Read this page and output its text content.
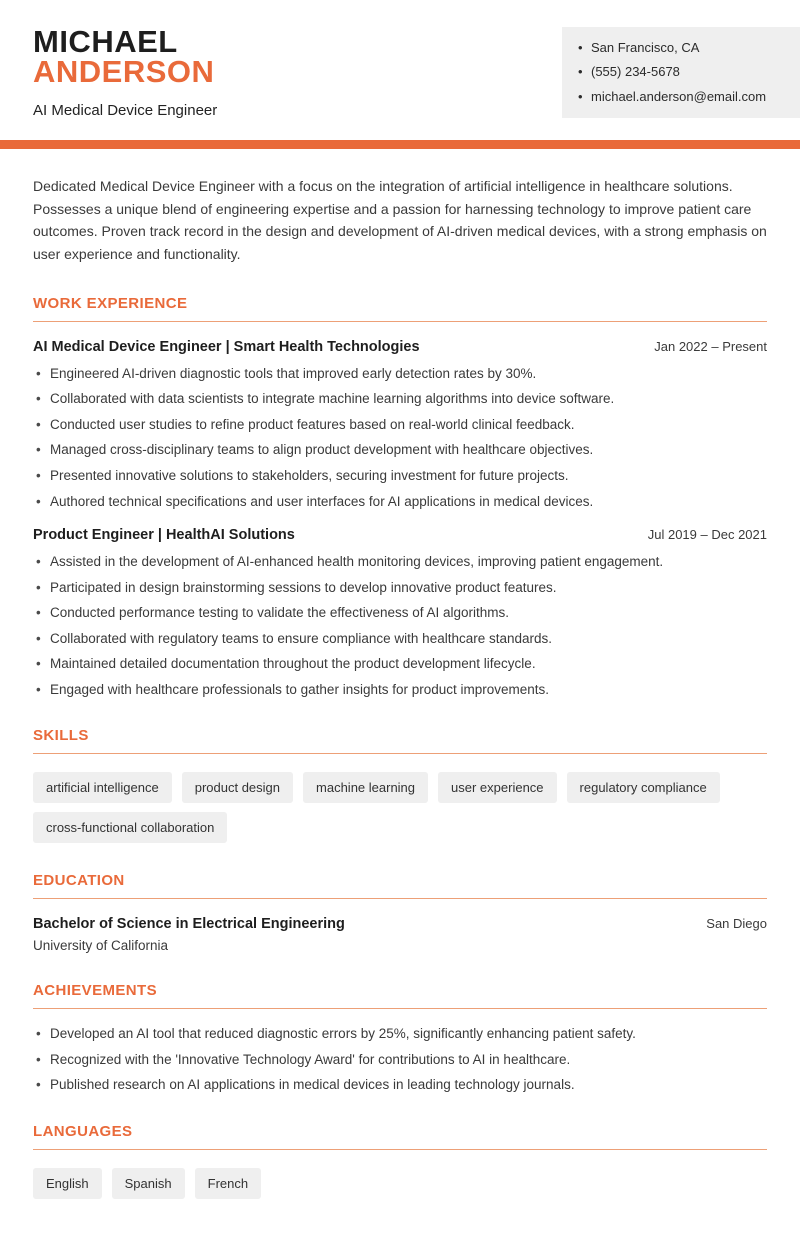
MICHAEL
ANDERSON
AI Medical Device Engineer
• San Francisco, CA
• (555) 234-5678
• michael.anderson@email.com

Dedicated Medical Device Engineer with a focus on the integration of artificial intelligence in healthcare solutions. Possesses a unique blend of engineering expertise and a passion for harnessing technology to improve patient care outcomes. Proven track record in the design and development of AI-driven medical devices, with a strong emphasis on user experience and functionality.

WORK EXPERIENCE
AI Medical Device Engineer | Smart Health Technologies	Jan 2022 – Present
• Engineered AI-driven diagnostic tools that improved early detection rates by 30%.
• Collaborated with data scientists to integrate machine learning algorithms into device software.
• Conducted user studies to refine product features based on real-world clinical feedback.
• Managed cross-disciplinary teams to align product development with healthcare objectives.
• Presented innovative solutions to stakeholders, securing investment for future projects.
• Authored technical specifications and user interfaces for AI applications in medical devices.
Product Engineer | HealthAI Solutions	Jul 2019 – Dec 2021
• Assisted in the development of AI-enhanced health monitoring devices, improving patient engagement.
• Participated in design brainstorming sessions to develop innovative product features.
• Conducted performance testing to validate the effectiveness of AI algorithms.
• Collaborated with regulatory teams to ensure compliance with healthcare standards.
• Maintained detailed documentation throughout the product development lifecycle.
• Engaged with healthcare professionals to gather insights for product improvements.
SKILLS
artificial intelligence	product design	machine learning	user experience	regulatory compliance
cross-functional collaboration
EDUCATION
Bachelor of Science in Electrical Engineering	San Diego
University of California
ACHIEVEMENTS
• Developed an AI tool that reduced diagnostic errors by 25%, significantly enhancing patient safety.
• Recognized with the 'Innovative Technology Award' for contributions to AI in healthcare.
• Published research on AI applications in medical devices in leading technology journals.
LANGUAGES
English	Spanish	French
